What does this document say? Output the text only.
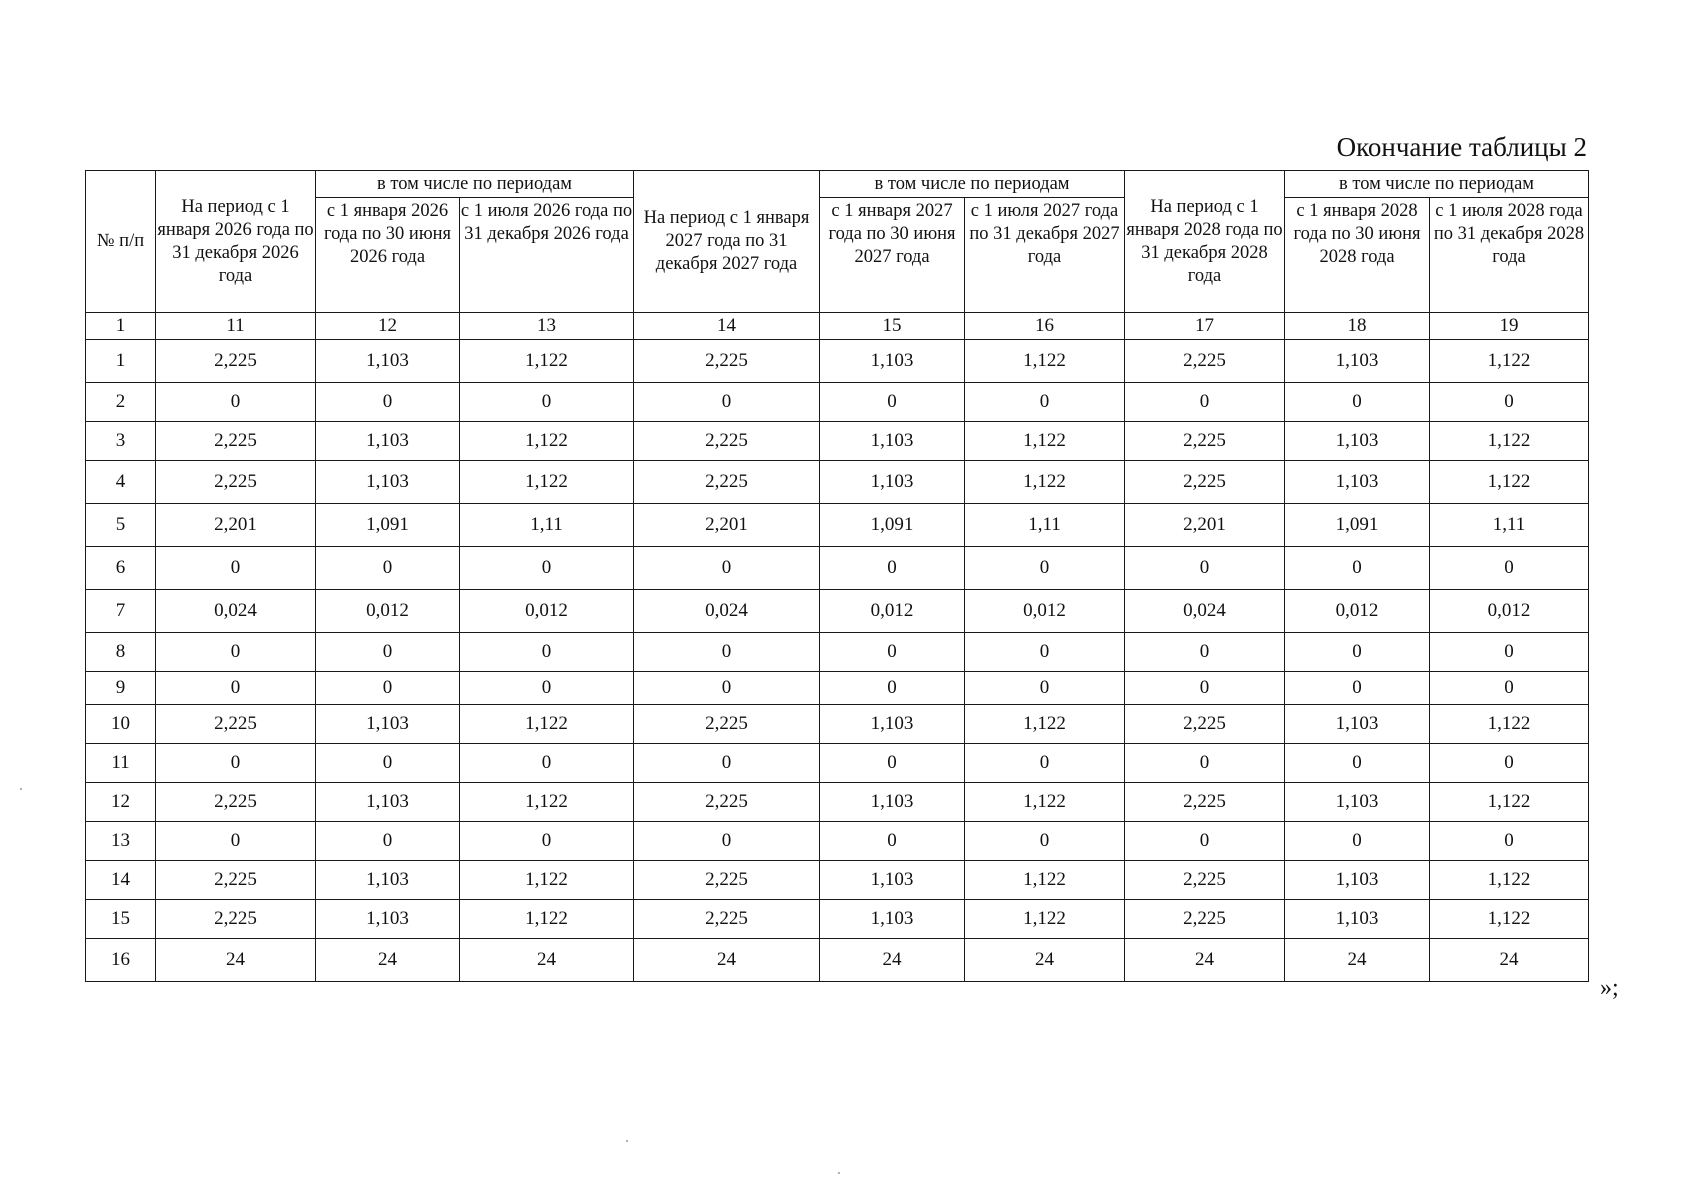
Окончание таблицы 2
№ п/п	На период с 1 января 2026 года по 31 декабря 2026 года	в том числе по периодам		На период с 1 января 2027 года по 31 декабря 2027 года	в том числе по периодам		На период с 1 января 2028 года по 31 декабря 2028 года	в том числе по периодам	
		с 1 января 2026 года по 30 июня 2026 года	с 1 июля 2026 года по 31 декабря 2026 года		с 1 января 2027 года по 30 июня 2027 года	с 1 июля 2027 года по 31 декабря 2027 года		с 1 января 2028 года по 30 июня 2028 года	с 1 июля 2028 года по 31 декабря 2028 года
1	11	12	13	14	15	16	17	18	19
1	2,225	1,103	1,122	2,225	1,103	1,122	2,225	1,103	1,122
2	0	0	0	0	0	0	0	0	0
3	2,225	1,103	1,122	2,225	1,103	1,122	2,225	1,103	1,122
4	2,225	1,103	1,122	2,225	1,103	1,122	2,225	1,103	1,122
5	2,201	1,091	1,11	2,201	1,091	1,11	2,201	1,091	1,11
6	0	0	0	0	0	0	0	0	0
7	0,024	0,012	0,012	0,024	0,012	0,012	0,024	0,012	0,012
8	0	0	0	0	0	0	0	0	0
9	0	0	0	0	0	0	0	0	0
10	2,225	1,103	1,122	2,225	1,103	1,122	2,225	1,103	1,122
11	0	0	0	0	0	0	0	0	0
12	2,225	1,103	1,122	2,225	1,103	1,122	2,225	1,103	1,122
13	0	0	0	0	0	0	0	0	0
14	2,225	1,103	1,122	2,225	1,103	1,122	2,225	1,103	1,122
15	2,225	1,103	1,122	2,225	1,103	1,122	2,225	1,103	1,122
16	24	24	24	24	24	24	24	24	24
»;
